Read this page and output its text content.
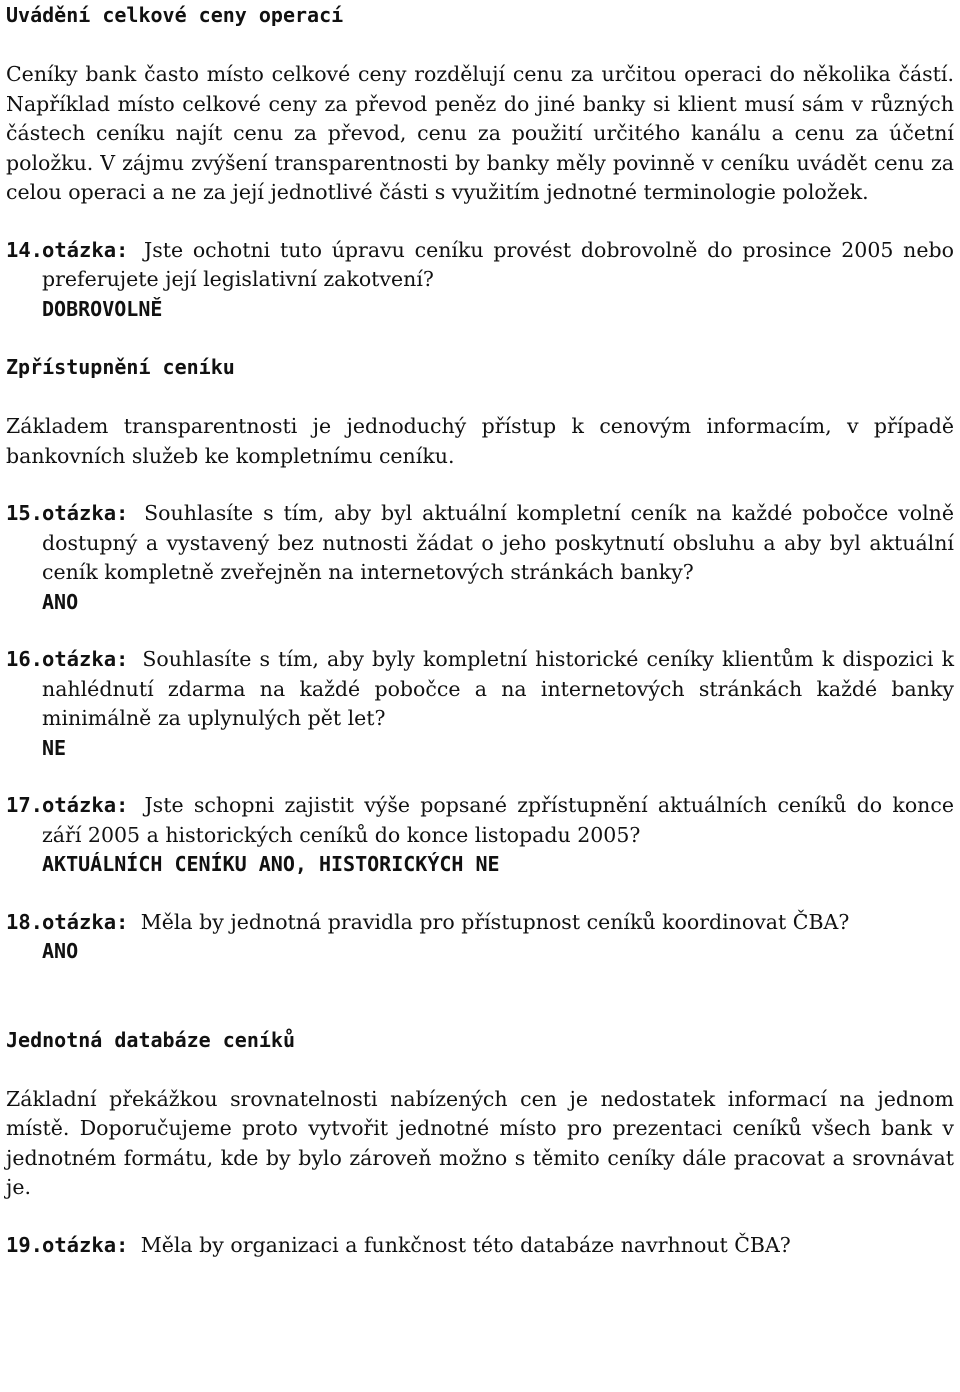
Uvádění celkové ceny operací

Ceníky bank často místo celkové ceny rozdělují cenu za určitou operaci do několika částí. Například místo celkové ceny za převod peněz do jiné banky si klient musí sám v různých částech ceníku najít cenu za převod, cenu za použití určitého kanálu a cenu za účetní položku. V zájmu zvýšení transparentnosti by banky měly povinně v ceníku uvádět cenu za celou operaci a ne za její jednotlivé části s využitím jednotné terminologie položek.

14.
otázka: Jste ochotni tuto úpravu ceníku provést dobrovolně do prosince 2005 nebo preferujete její legislativní zakotvení?
DOBROVOLNĚ
Zpřístupnění ceníku

Základem transparentnosti je jednoduchý přístup k cenovým informacím, v případě bankovních služeb ke kompletnímu ceníku.

15.
otázka: Souhlasíte s tím, aby byl aktuální kompletní ceník na každé pobočce volně dostupný a vystavený bez nutnosti žádat o jeho poskytnutí obsluhu a aby byl aktuální ceník kompletně zveřejněn na internetových stránkách banky?
ANO
16.
otázka: Souhlasíte s tím, aby byly kompletní historické ceníky klientům k dispozici k nahlédnutí zdarma na každé pobočce a na internetových stránkách každé banky minimálně za uplynulých pět let?
NE
17.
otázka: Jste schopni zajistit výše popsané zpřístupnění aktuálních ceníků do konce září 2005 a historických ceníků do konce listopadu 2005?
AKTUÁLNÍCH CENÍKU ANO, HISTORICKÝCH NE
18.
otázka: Měla by jednotná pravidla pro přístupnost ceníků koordinovat ČBA?
ANO
Jednotná databáze ceníků

Základní překážkou srovnatelnosti nabízených cen je nedostatek informací na jednom místě. Doporučujeme proto vytvořit jednotné místo pro prezentaci ceníků všech bank v jednotném formátu, kde by bylo zároveň možno s těmito ceníky dále pracovat a srovnávat je.

19.
otázka: Měla by organizaci a funkčnost této databáze navrhnout ČBA?
